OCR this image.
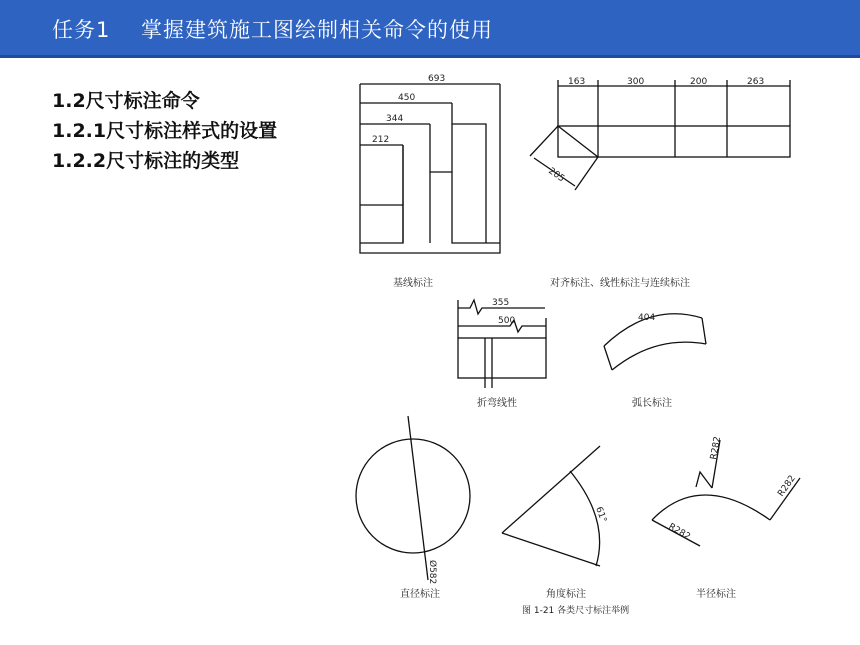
任务1    掌握建筑施工图绘制相关命令的使用
1.2尺寸标注命令
1.2.1尺寸标注样式的设置
1.2.2尺寸标注的类型
693
450
344
212
163	300	200	263
205
355
500	404
Ø582
61°
R282
R282
R282
基线标注	对齐标注、线性标注与连续标注
折弯线性	弧长标注
直径标注	角度标注	半径标注
图 1-21 各类尺寸标注举例
